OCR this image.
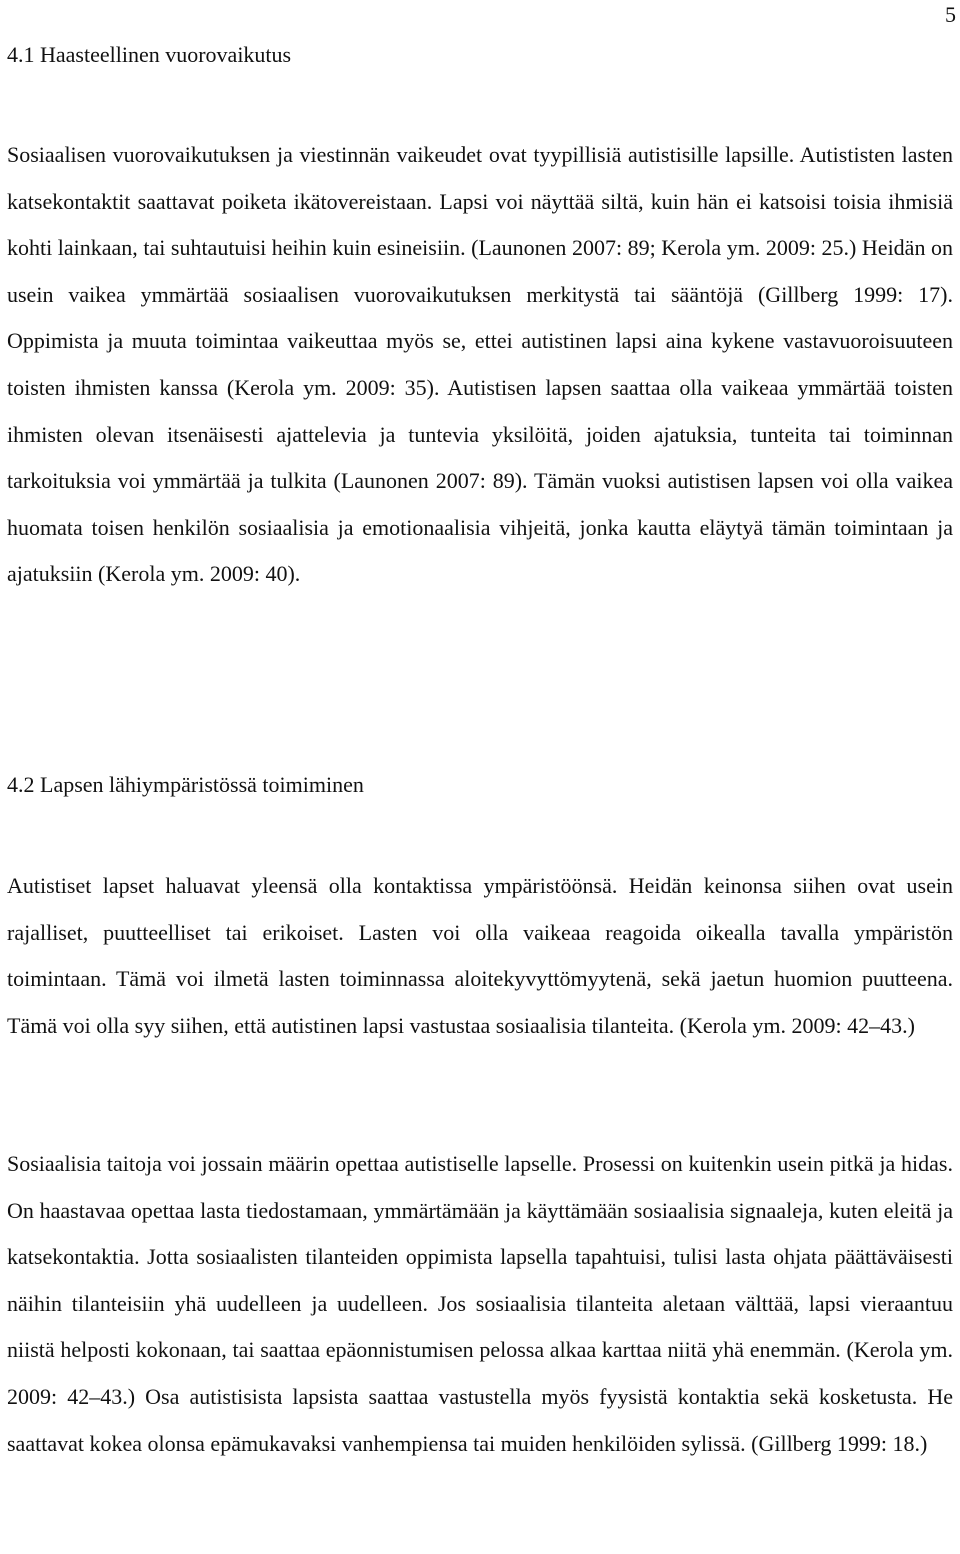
5
4.1 Haasteellinen vuorovaikutus

Sosiaalisen vuorovaikutuksen ja viestinnän vaikeudet ovat tyypillisiä autistisille lapsille. Autististen lasten katsekontaktit saattavat poiketa ikätovereistaan. Lapsi voi näyttää siltä, kuin hän ei katsoisi toisia ihmisiä kohti lainkaan, tai suhtautuisi heihin kuin esineisiin. (Launonen 2007: 89; Kerola ym. 2009: 25.) Heidän on usein vaikea ymmärtää sosiaalisen vuorovaikutuksen merkitystä tai sääntöjä (Gillberg 1999: 17). Oppimista ja muuta toimintaa vaikeuttaa myös se, ettei autistinen lapsi aina kykene vastavuoroisuuteen toisten ihmisten kanssa (Kerola ym. 2009: 35). Autistisen lapsen saattaa olla vaikeaa ymmärtää toisten ihmisten olevan itsenäisesti ajattelevia ja tuntevia yksilöitä, joiden ajatuksia, tunteita tai toiminnan tarkoituksia voi ymmärtää ja tulkita (Launonen 2007: 89). Tämän vuoksi autistisen lapsen voi olla vaikea huomata toisen henkilön sosiaalisia ja emotionaalisia vihjeitä, jonka kautta eläytyä tämän toimintaan ja ajatuksiin (Kerola ym. 2009: 40).

4.2 Lapsen lähiympäristössä toimiminen

Autistiset lapset haluavat yleensä olla kontaktissa ympäristöönsä. Heidän keinonsa siihen ovat usein rajalliset, puutteelliset tai erikoiset. Lasten voi olla vaikeaa reagoida oikealla tavalla ympäristön toimintaan. Tämä voi ilmetä lasten toiminnassa aloitekyvyttömyytenä, sekä jaetun huomion puutteena. Tämä voi olla syy siihen, että autistinen lapsi vastustaa sosiaalisia tilanteita. (Kerola ym. 2009: 42–43.)

Sosiaalisia taitoja voi jossain määrin opettaa autistiselle lapselle. Prosessi on kuitenkin usein pitkä ja hidas. On haastavaa opettaa lasta tiedostamaan, ymmärtämään ja käyttämään sosiaalisia signaaleja, kuten eleitä ja katsekontaktia. Jotta sosiaalisten tilanteiden oppimista lapsella tapahtuisi, tulisi lasta ohjata päättäväisesti näihin tilanteisiin yhä uudelleen ja uudelleen. Jos sosiaalisia tilanteita aletaan välttää, lapsi vieraantuu niistä helposti kokonaan, tai saattaa epäonnistumisen pelossa alkaa karttaa niitä yhä enemmän. (Kerola ym. 2009: 42–43.) Osa autistisista lapsista saattaa vastustella myös fyysistä kontaktia sekä kosketusta. He saattavat kokea olonsa epämukavaksi vanhempiensa tai muiden henkilöiden sylissä. (Gillberg 1999: 18.)
